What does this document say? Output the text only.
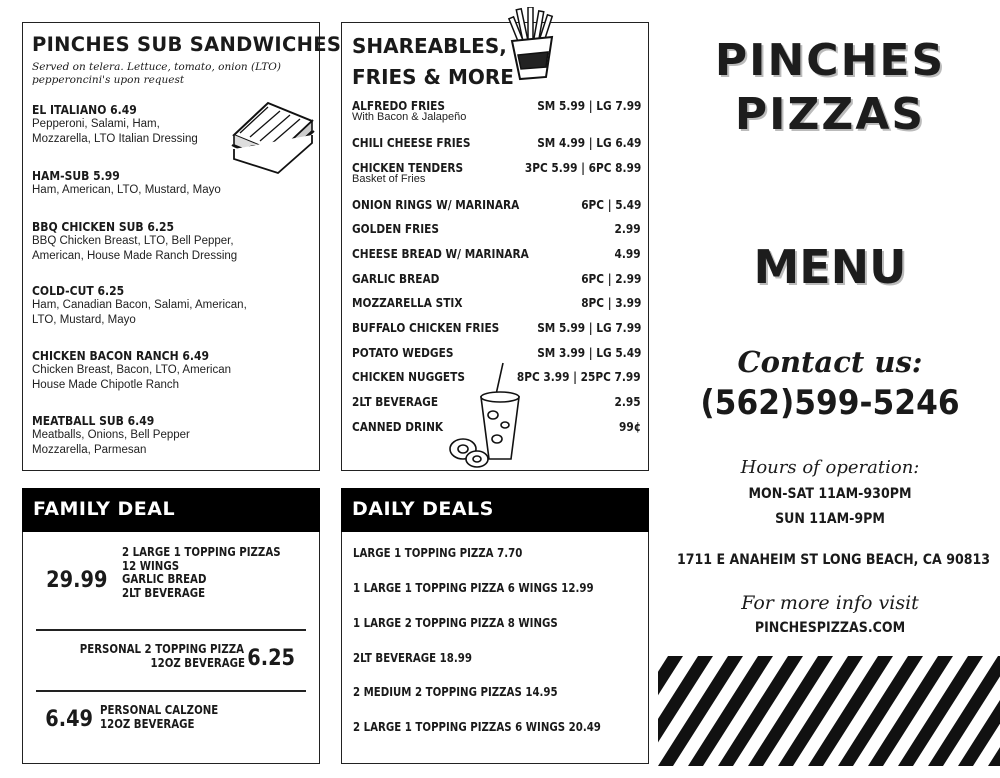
PINCHES SUB SANDWICHES
Served on telera. Lettuce, tomato, onion (LTO)
pepperoncini's upon request
EL ITALIANO 6.49
Pepperoni, Salami, Ham,
Mozzarella, LTO Italian Dressing
HAM-SUB 5.99
Ham, American, LTO, Mustard, Mayo
BBQ CHICKEN SUB 6.25
BBQ Chicken Breast, LTO, Bell Pepper,
American, House Made Ranch Dressing
COLD-CUT 6.25
Ham, Canadian Bacon, Salami, American,
LTO, Mustard, Mayo
CHICKEN BACON RANCH 6.49
Chicken Breast, Bacon, LTO, American
House Made Chipotle Ranch
MEATBALL SUB 6.49
Meatballs, Onions, Bell Pepper
Mozzarella, Parmesan
SHAREABLES,
FRIES & MORE
ALFREDO FRIES	SM 5.99 | LG 7.99
With Bacon & Jalapeño
CHILI CHEESE FRIES	SM 4.99 | LG 6.49
CHICKEN TENDERS	3PC 5.99 | 6PC 8.99
Basket of Fries
ONION RINGS W/ MARINARA	6PC | 5.49
GOLDEN FRIES	2.99
CHEESE BREAD W/ MARINARA	4.99
GARLIC BREAD	6PC | 2.99
MOZZARELLA STIX	8PC | 3.99
BUFFALO CHICKEN FRIES	SM 5.99 | LG 7.99
POTATO WEDGES	SM 3.99 | LG 5.49
CHICKEN NUGGETS	8PC 3.99 | 25PC 7.99
2LT BEVERAGE	2.95
CANNED DRINK	99¢
FAMILY DEAL
29.99
2 LARGE 1 TOPPING PIZZAS
12 WINGS
GARLIC BREAD
2LT BEVERAGE
PERSONAL 2 TOPPING PIZZA
12OZ BEVERAGE 6.25
6.49 PERSONAL CALZONE
12OZ BEVERAGE
DAILY DEALS
LARGE 1 TOPPING PIZZA 7.70
1 LARGE 1 TOPPING PIZZA 6 WINGS 12.99
1 LARGE 2 TOPPING PIZZA 8 WINGS
2LT BEVERAGE 18.99
2 MEDIUM 2 TOPPING PIZZAS 14.95
2 LARGE 1 TOPPING PIZZAS 6 WINGS 20.49
PINCHES
PIZZAS
MENU
Contact us:
(562)599-5246
Hours of operation:
MON-SAT 11AM-930PM
SUN 11AM-9PM
1711 E ANAHEIM ST LONG BEACH, CA 90813
For more info visit
PINCHESPIZZAS.COM
